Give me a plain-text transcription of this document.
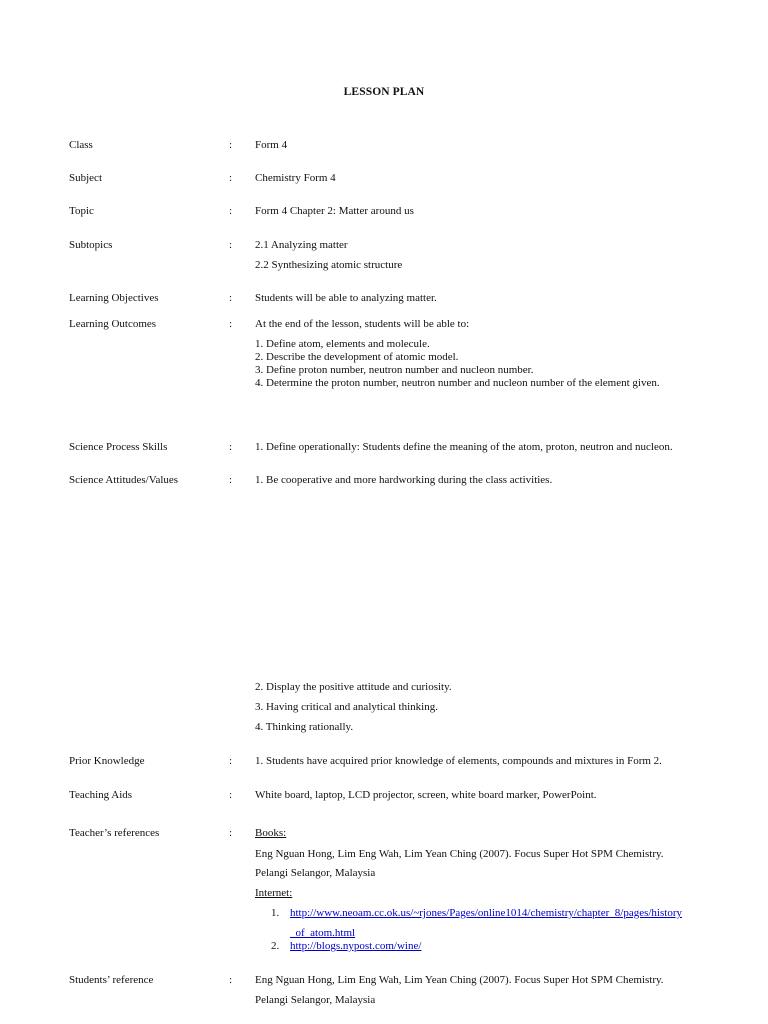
LESSON PLAN
Class	: Form 4
Subject	: Chemistry Form 4
Topic	: Form 4 Chapter 2: Matter around us
Subtopics	: 2.1 Analyzing matter
2.2 Synthesizing atomic structure
Learning Objectives	: Students will be able to analyzing matter.
Learning Outcomes	: At the end of the lesson, students will be able to:
1. Define atom, elements and molecule.
2. Describe the development of atomic model.
3. Define proton number, neutron number and nucleon number.
4. Determine the proton number, neutron number and nucleon number of the element given.
Science Process Skills	: 1. Define operationally: Students define the meaning of the atom, proton, neutron and nucleon.
Science Attitudes/Values	: 1. Be cooperative and more hardworking during the class activities.
2. Display the positive attitude and curiosity.
3. Having critical and analytical thinking.
4. Thinking rationally.
Prior Knowledge	: 1. Students have acquired prior knowledge of elements, compounds and mixtures in Form 2.
Teaching Aids	: White board, laptop, LCD projector, screen, white board marker, PowerPoint.
Teacher’s references	: Books:
Eng Nguan Hong, Lim Eng Wah, Lim Yean Ching (2007). Focus Super Hot SPM Chemistry.
Pelangi Selangor, Malaysia
Internet:
1. http://www.neoam.cc.ok.us/~rjones/Pages/online1014/chemistry/chapter_8/pages/history
_of_atom.html
2. http://blogs.nypost.com/wine/
Students’ reference	: Eng Nguan Hong, Lim Eng Wah, Lim Yean Ching (2007). Focus Super Hot SPM Chemistry.
Pelangi Selangor, Malaysia
